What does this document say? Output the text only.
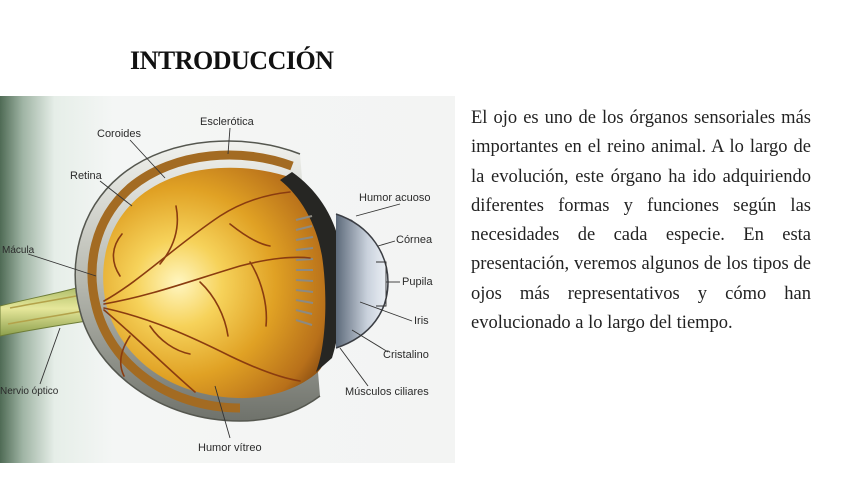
INTRODUCCIÓN
Esclerótica
Coroides
Retina
Humor acuoso
Córnea
Mácula
Pupila
Iris
Cristalino
Nervio óptico	Músculos ciliares
Humor vítreo
El ojo es uno de los órganos sensoriales más importantes en el reino animal. A lo largo de la evolución, este órgano ha ido adquiriendo diferentes formas y funciones según las necesidades de cada especie. En esta presentación, veremos algunos de los tipos de ojos más representativos y cómo han evolucionado a lo largo del tiempo.
